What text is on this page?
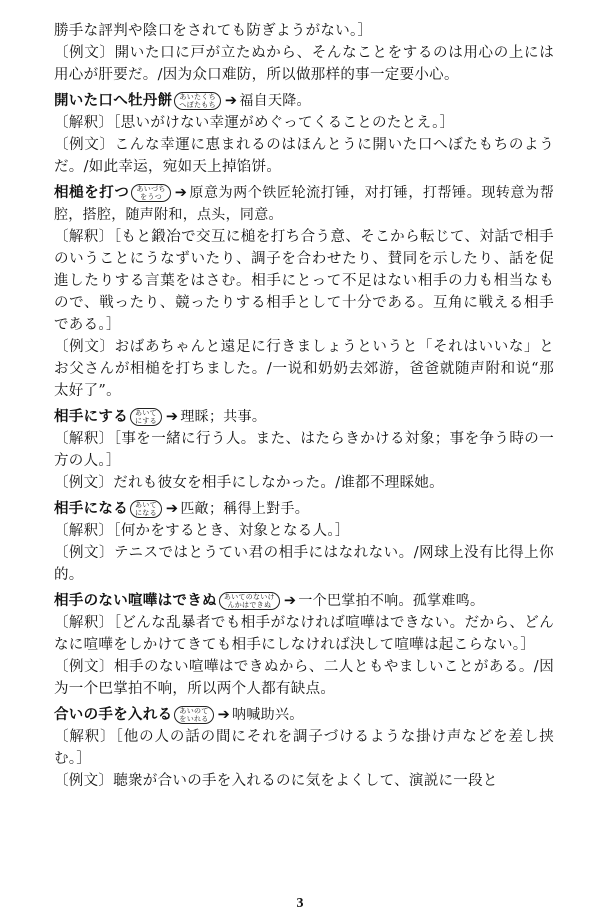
勝手な評判や陰口をされても防ぎようがない。］

〔例文〕開いた口に戸が立たぬから、そんなことをするのは用心の上には用心が肝要だ。/因为众口难防，所以做那样的事一定要小心。

開いた口へ牡丹餅 あいたくち
へぼたもち ➔ 福自天降。

〔解釈〕［思いがけない幸運がめぐってくることのたとえ。］

〔例文〕こんな幸運に恵まれるのはほんとうに開いた口へぼたもちのようだ。/如此幸运，宛如天上掉馅饼。

相槌を打つ あいづち
をうつ ➔ 原意为两个铁匠轮流打锤，对打锤，打帮锤。现转意为帮腔，搭腔，随声附和，点头，同意。

〔解釈〕［もと鍛冶で交互に槌を打ち合う意、そこから転じて、対話で相手のいうことにうなずいたり、調子を合わせたり、賛同を示したり、話を促進したりする言葉をはさむ。相手にとって不足はない相手の力も相当なもので、戦ったり、競ったりする相手として十分である。互角に戦える相手である。］

〔例文〕おばあちゃんと遠足に行きましょうというと「それはいいな」とお父さんが相槌を打ちました。/一说和奶奶去郊游，爸爸就随声附和说“那太好了”。

相手にする あいて
にする ➔ 理睬；共事。

〔解釈〕［事を一緒に行う人。また、はたらきかける対象；事を争う時の一方の人。］

〔例文〕だれも彼女を相手にしなかった。/谁都不理睬她。

相手になる あいて
になる ➔ 匹敵；稱得上對手。

〔解釈〕［何かをするとき、対象となる人。］

〔例文〕テニスではとうてい君の相手にはなれない。/网球上没有比得上你的。

相手のない喧嘩はできぬ あいてのないけ
んかはできぬ ➔ 一个巴掌拍不响。孤掌难鸣。

〔解釈〕［どんな乱暴者でも相手がなければ喧嘩はできない。だから、どんなに喧嘩をしかけてきても相手にしなければ決して喧嘩は起こらない。］

〔例文〕相手のない喧嘩はできぬから、二人ともやましいことがある。/因为一个巴掌拍不响，所以两个人都有缺点。

合いの手を入れる あいのて
をいれる ➔ 呐喊助兴。

〔解釈〕［他の人の話の間にそれを調子づけるような掛け声などを差し挟む。］

〔例文〕聴衆が合いの手を入れるのに気をよくして、演説に一段と

3
